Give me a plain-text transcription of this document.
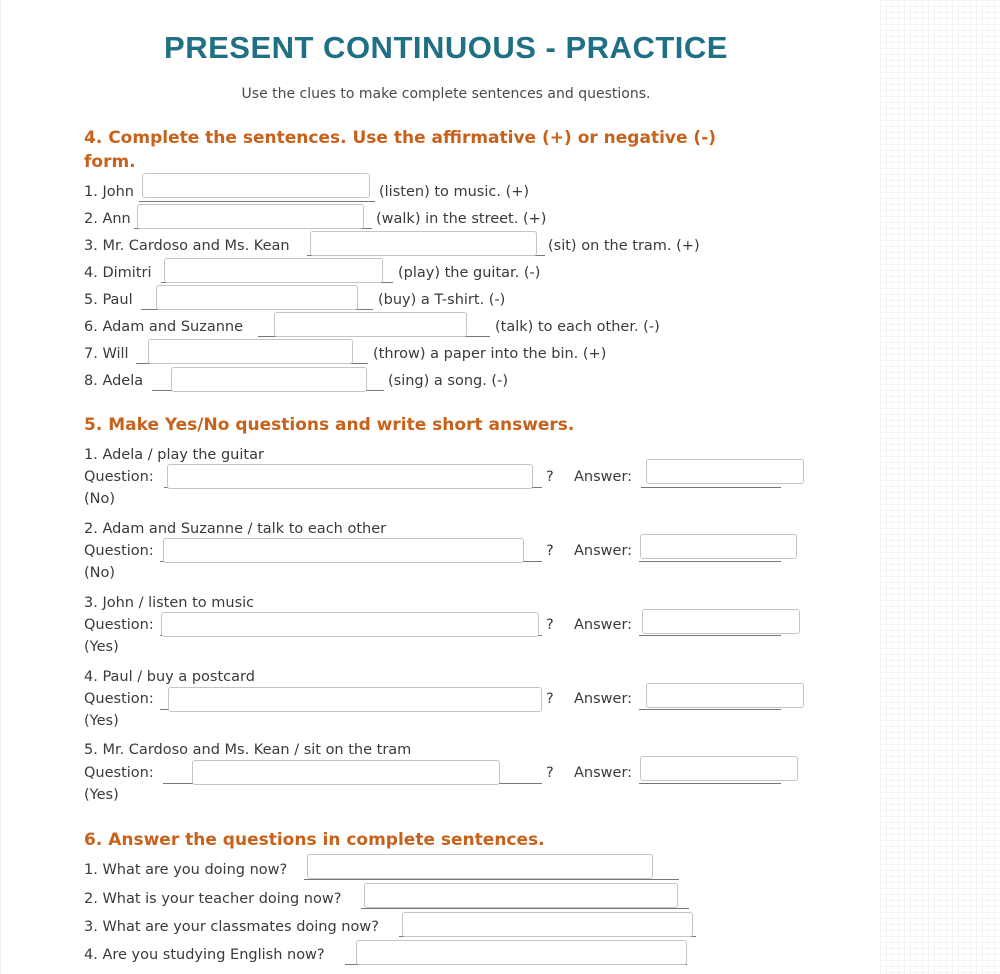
PRESENT CONTINUOUS - PRACTICE
Use the clues to make complete sentences and questions.
4. Complete the sentences. Use the affirmative (+) or negative (-)
form.
1. John	(listen) to music. (+)
2. Ann	(walk) in the street. (+)
3. Mr. Cardoso and Ms. Kean	(sit) on the tram. (+)
4. Dimitri	(play) the guitar. (-)
5. Paul	(buy) a T-shirt. (-)
6. Adam and Suzanne	(talk) to each other. (-)
7. Will	(throw) a paper into the bin. (+)
8. Adela	(sing) a song. (-)
5. Make Yes/No questions and write short answers.
1. Adela / play the guitar
Question:	? Answer:
(No)
2. Adam and Suzanne / talk to each other
Question:	? Answer:
(No)
3. John / listen to music
Question:	? Answer:
(Yes)
4. Paul / buy a postcard
Question:	? Answer:
(Yes)
5. Mr. Cardoso and Ms. Kean / sit on the tram
Question:	? Answer:
(Yes)
6. Answer the questions in complete sentences.
1. What are you doing now?
2. What is your teacher doing now?
3. What are your classmates doing now?
4. Are you studying English now?
